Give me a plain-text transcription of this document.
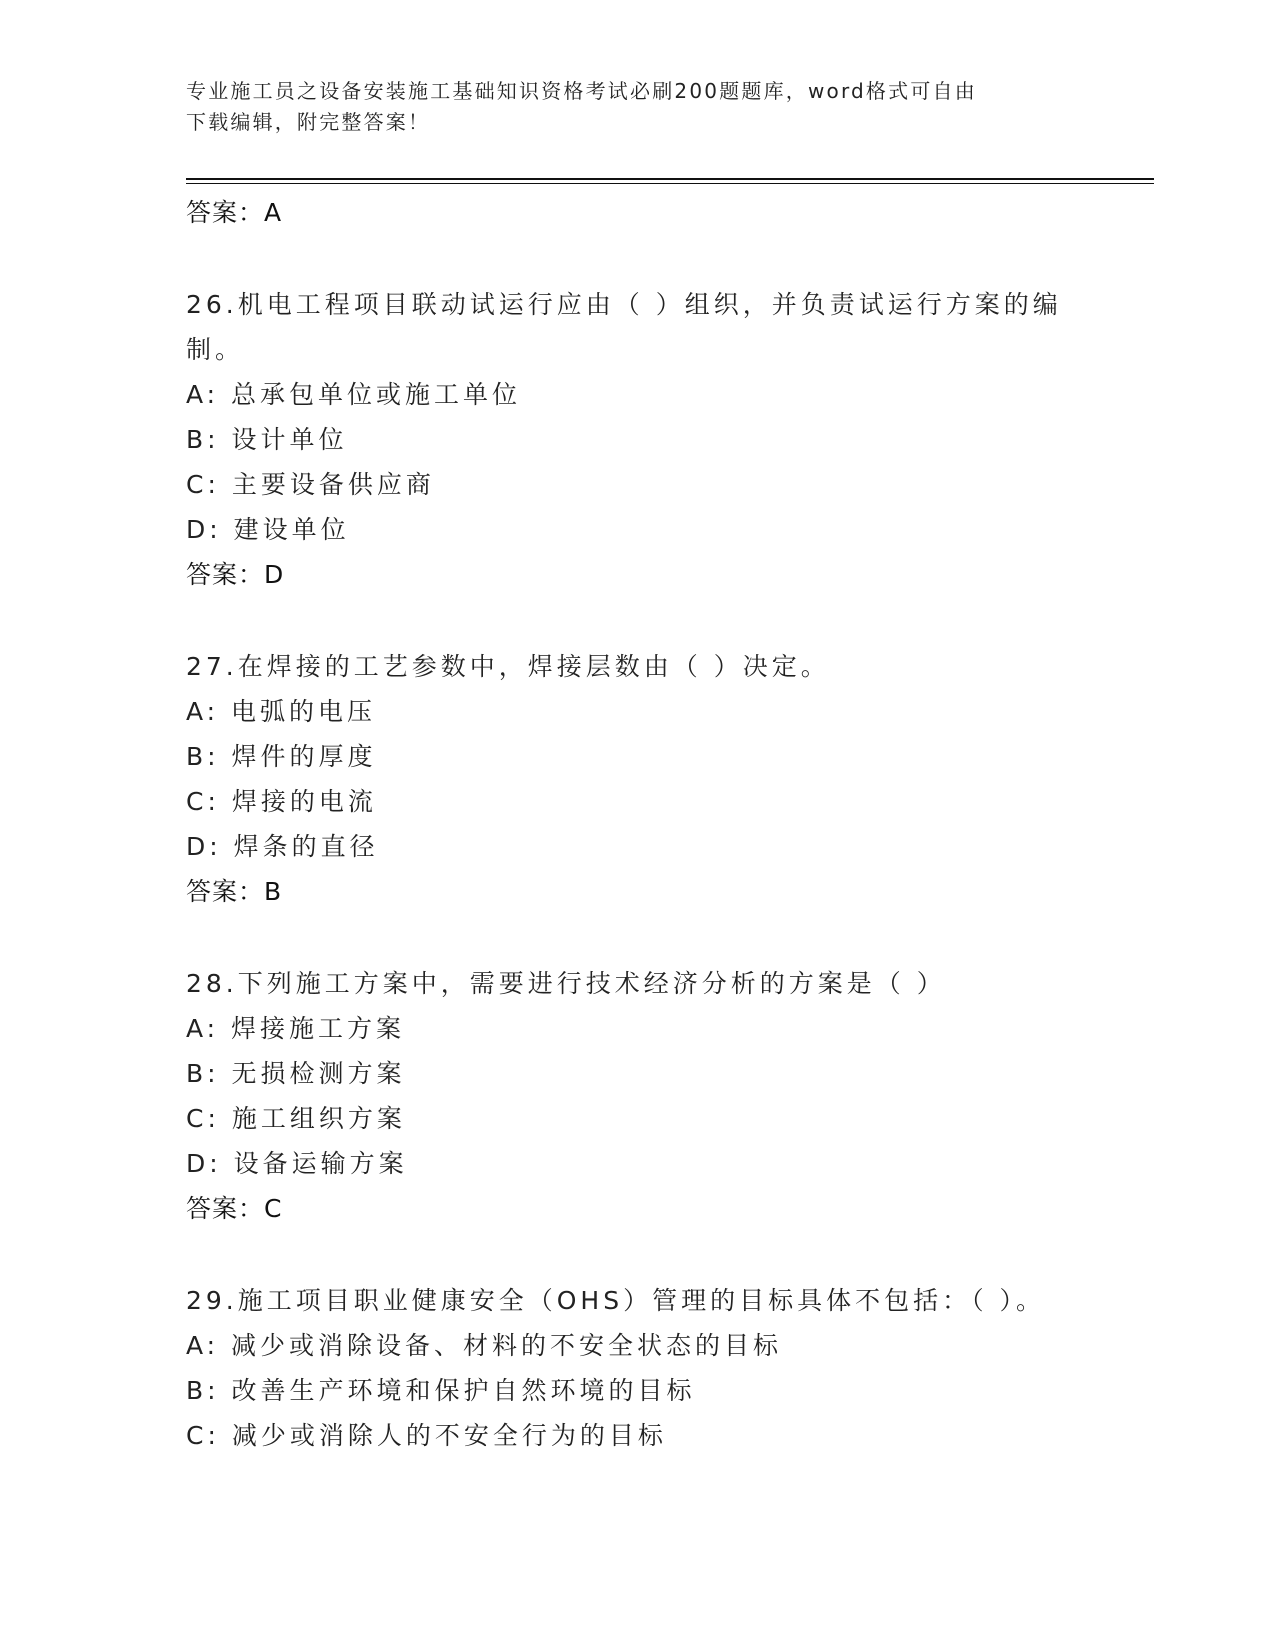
专业施工员之设备安装施工基础知识资格考试必刷200题题库，word格式可自由
下载编辑，附完整答案！
答案：A
26.机电工程项目联动试运行应由（ ）组织，并负责试运行方案的编
制。
A: 总承包单位或施工单位
B: 设计单位
C: 主要设备供应商
D: 建设单位
答案：D
27.在焊接的工艺参数中，焊接层数由（ ）决定。
A: 电弧的电压
B: 焊件的厚度
C: 焊接的电流
D: 焊条的直径
答案：B
28.下列施工方案中，需要进行技术经济分析的方案是（ ）
A: 焊接施工方案
B: 无损检测方案
C: 施工组织方案
D: 设备运输方案
答案：C
29.施工项目职业健康安全（OHS）管理的目标具体不包括：（ ）。
A: 减少或消除设备、材料的不安全状态的目标
B: 改善生产环境和保护自然环境的目标
C: 减少或消除人的不安全行为的目标
